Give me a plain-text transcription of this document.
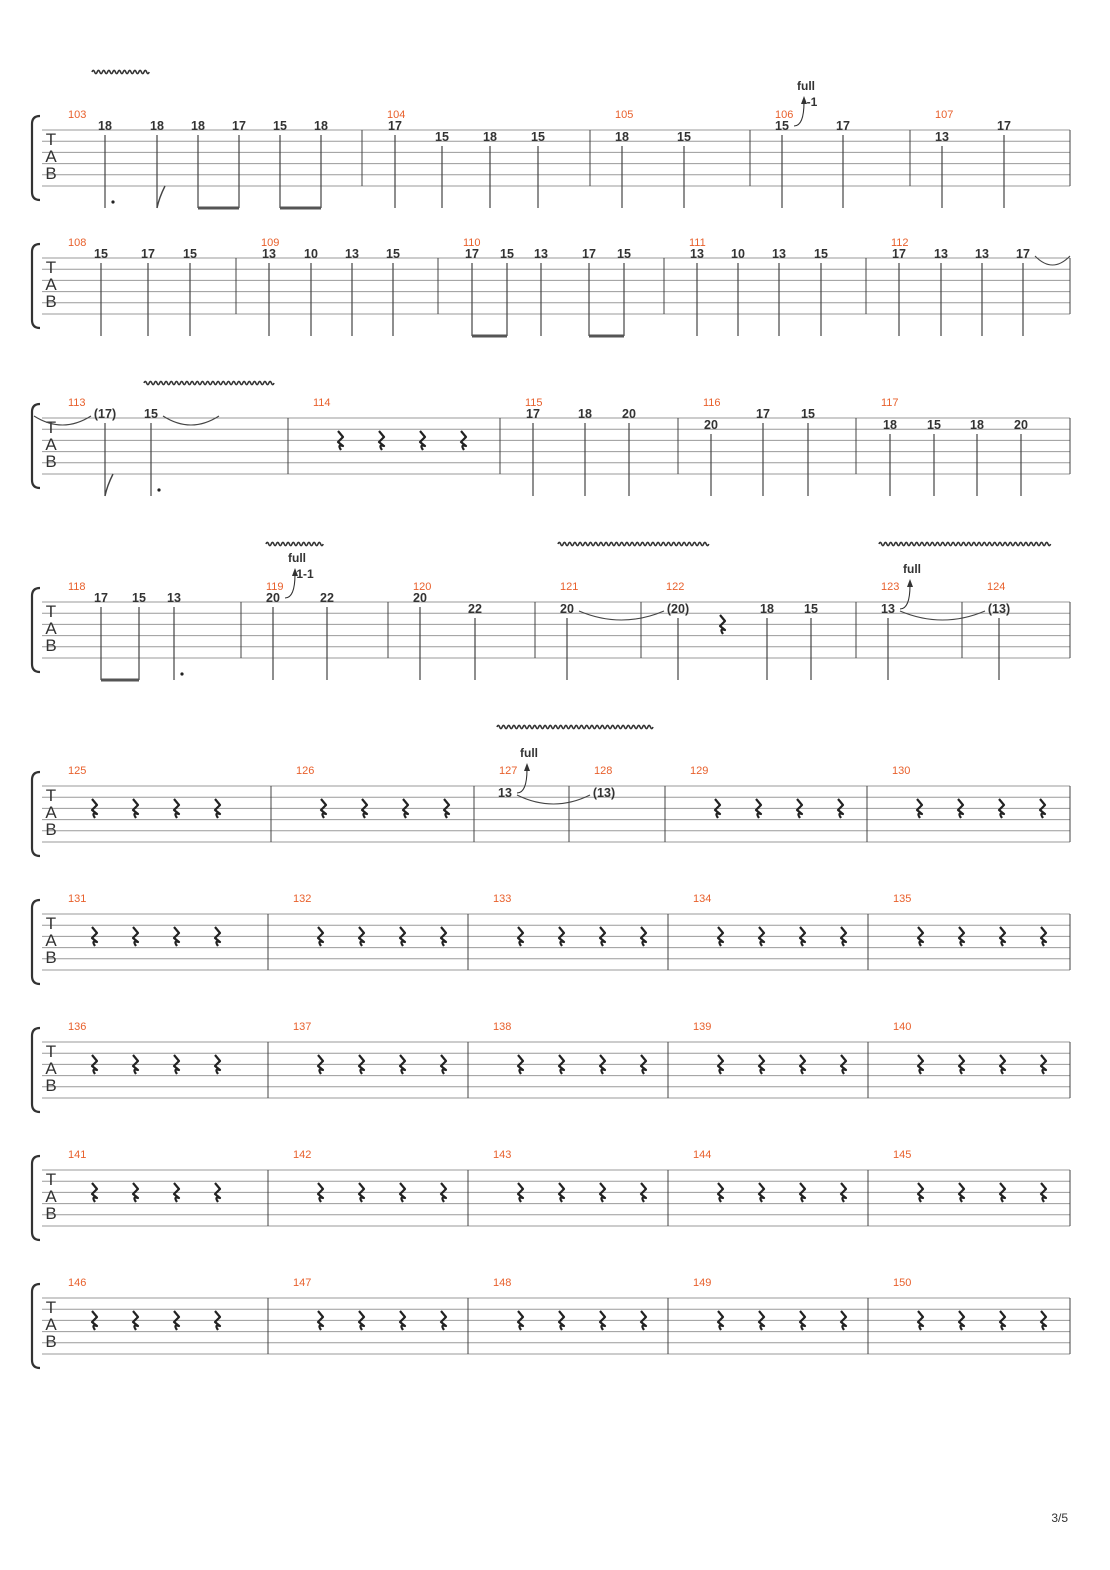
T
A
B
103
18	18 18 17 15 18
104
17
15	18	15
105
18	15
106
15
full
-1
17
107
13
17
T
A
B
108
15	17 15
109
13 10 13 15
110
17 15 13	17 15
111
13 10 13 15
112
17 13 13 17
T
A
B
113
(17) 15
114	115
17	18 20
116
20
17 15
117
18 15 18 20
T
A
B
118
17 15 13
119
20
full
-1-1
22
120
20
22
121
20
122
(20)	18 15
123
13
full
124
(13)
T
A
B
125	126	127
13
full
128
(13)
129	130
T
A
B
131	132	133	134	135
T
A
B
136	137	138	139	140
T
A
B
141	142	143	144	145
T
A
B
146	147	148	149	150
3/5
